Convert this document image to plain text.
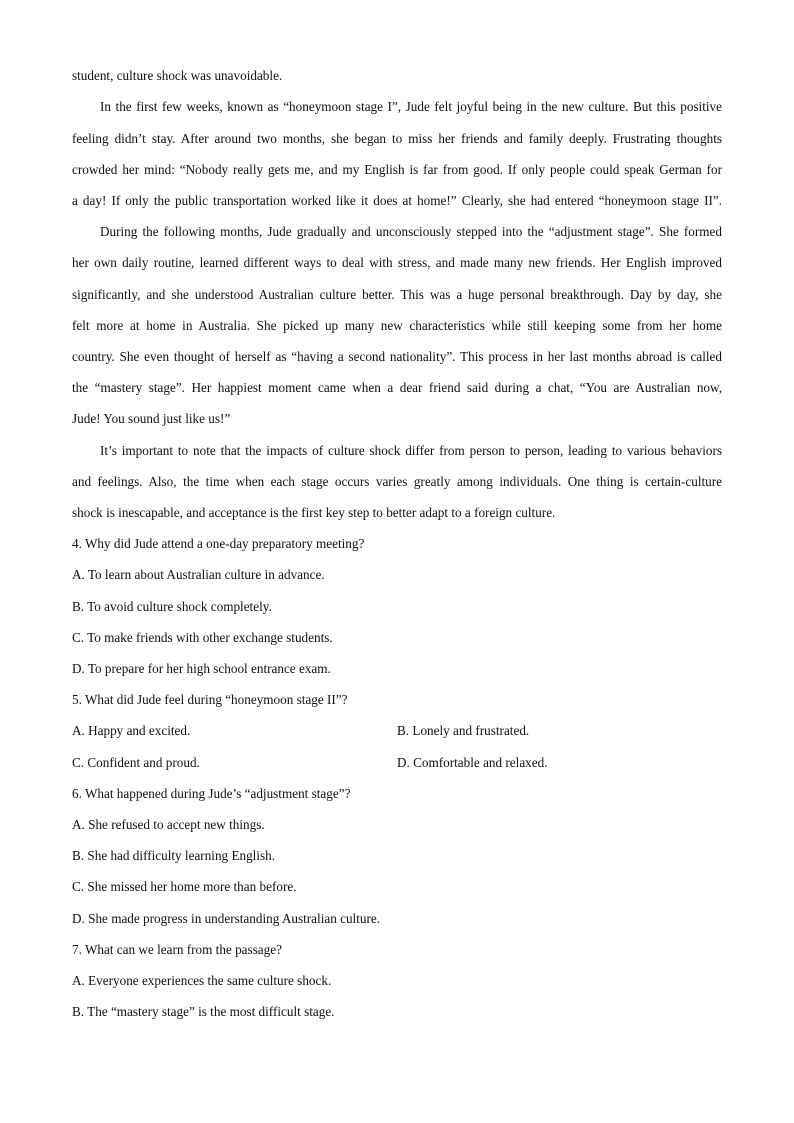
student, culture shock was unavoidable.
In the first few weeks, known as “honeymoon stage I”, Jude felt joyful being in the new culture. But this positive
feeling didn’t stay. After around two months, she began to miss her friends and family deeply. Frustrating thoughts
crowded her mind: “Nobody really gets me, and my English is far from good. If only people could speak German for
a day! If only the public transportation worked like it does at home!” Clearly, she had entered “honeymoon stage II”.
During the following months, Jude gradually and unconsciously stepped into the “adjustment stage”. She formed
her own daily routine, learned different ways to deal with stress, and made many new friends. Her English improved
significantly, and she understood Australian culture better. This was a huge personal breakthrough. Day by day, she
felt more at home in Australia. She picked up many new characteristics while still keeping some from her home
country. She even thought of herself as “having a second nationality”. This process in her last months abroad is called
the “mastery stage”. Her happiest moment came when a dear friend said during a chat, “You are Australian now,
Jude! You sound just like us!”
It’s important to note that the impacts of culture shock differ from person to person, leading to various behaviors
and feelings. Also, the time when each stage occurs varies greatly among individuals. One thing is certain-culture
shock is inescapable, and acceptance is the first key step to better adapt to a foreign culture.
4. Why did Jude attend a one-day preparatory meeting?
A. To learn about Australian culture in advance.
B. To avoid culture shock completely.
C. To make friends with other exchange students.
D. To prepare for her high school entrance exam.
5. What did Jude feel during “honeymoon stage II”?
A. Happy and excited.	B. Lonely and frustrated.
C. Confident and proud.	D. Comfortable and relaxed.
6. What happened during Jude’s “adjustment stage”?
A. She refused to accept new things.
B. She had difficulty learning English.
C. She missed her home more than before.
D. She made progress in understanding Australian culture.
7. What can we learn from the passage?
A. Everyone experiences the same culture shock.
B. The “mastery stage” is the most difficult stage.
